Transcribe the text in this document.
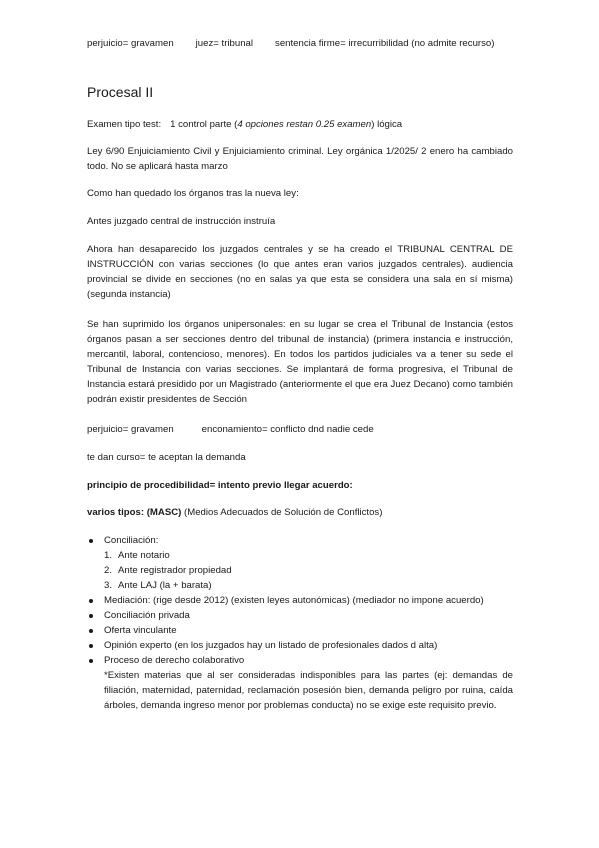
perjuicio= gravamen juez= tribunal sentencia firme= irrecurribilidad (no admite recurso)

Procesal II

Examen tipo test: 1 control parte (4 opciones restan 0.25 examen) lógica

Ley 6/90 Enjuiciamiento Civil y Enjuiciamiento criminal. Ley orgánica 1/2025/ 2 enero ha cambiado todo. No se aplicará hasta marzo

Como han quedado los órganos tras la nueva ley:

Antes juzgado central de instrucción instruía

Ahora han desaparecido los juzgados centrales y se ha creado el TRIBUNAL CENTRAL DE INSTRUCCIÓN con varias secciones (lo que antes eran varios juzgados centrales). audiencia provincial se divide en secciones (no en salas ya que esta se considera una sala en sí misma) (segunda instancia)

Se han suprimido los órganos unipersonales: en su lugar se crea el Tribunal de Instancia (estos órganos pasan a ser secciones dentro del tribunal de instancia) (primera instancia e instrucción, mercantil, laboral, contencioso, menores). En todos los partidos judiciales va a tener su sede el Tribunal de Instancia con varias secciones. Se implantará de forma progresiva, el Tribunal de Instancia estará presidido por un Magistrado (anteriormente el que era Juez Decano) como también podrán existir presidentes de Sección

perjuicio= gravamen	enconamiento= conflicto dnd nadie cede

te dan curso= te aceptan la demanda

principio de procedibilidad= intento previo llegar acuerdo:

varios tipos: (MASC) (Medios Adecuados de Solución de Conflictos)

Conciliación:
1. Ante notario
2. Ante registrador propiedad
3. Ante LAJ (la + barata)
Mediación: (rige desde 2012) (existen leyes autonómicas) (mediador no impone acuerdo)
Conciliación privada
Oferta vinculante
Opinión experto (en los juzgados hay un listado de profesionales dados d alta)
Proceso de derecho colaborativo
*Existen materias que al ser consideradas indisponibles para las partes (ej: demandas de filiación, maternidad, paternidad, reclamación posesión bien, demanda peligro por ruina, caída árboles, demanda ingreso menor por problemas conducta) no se exige este requisito previo.
